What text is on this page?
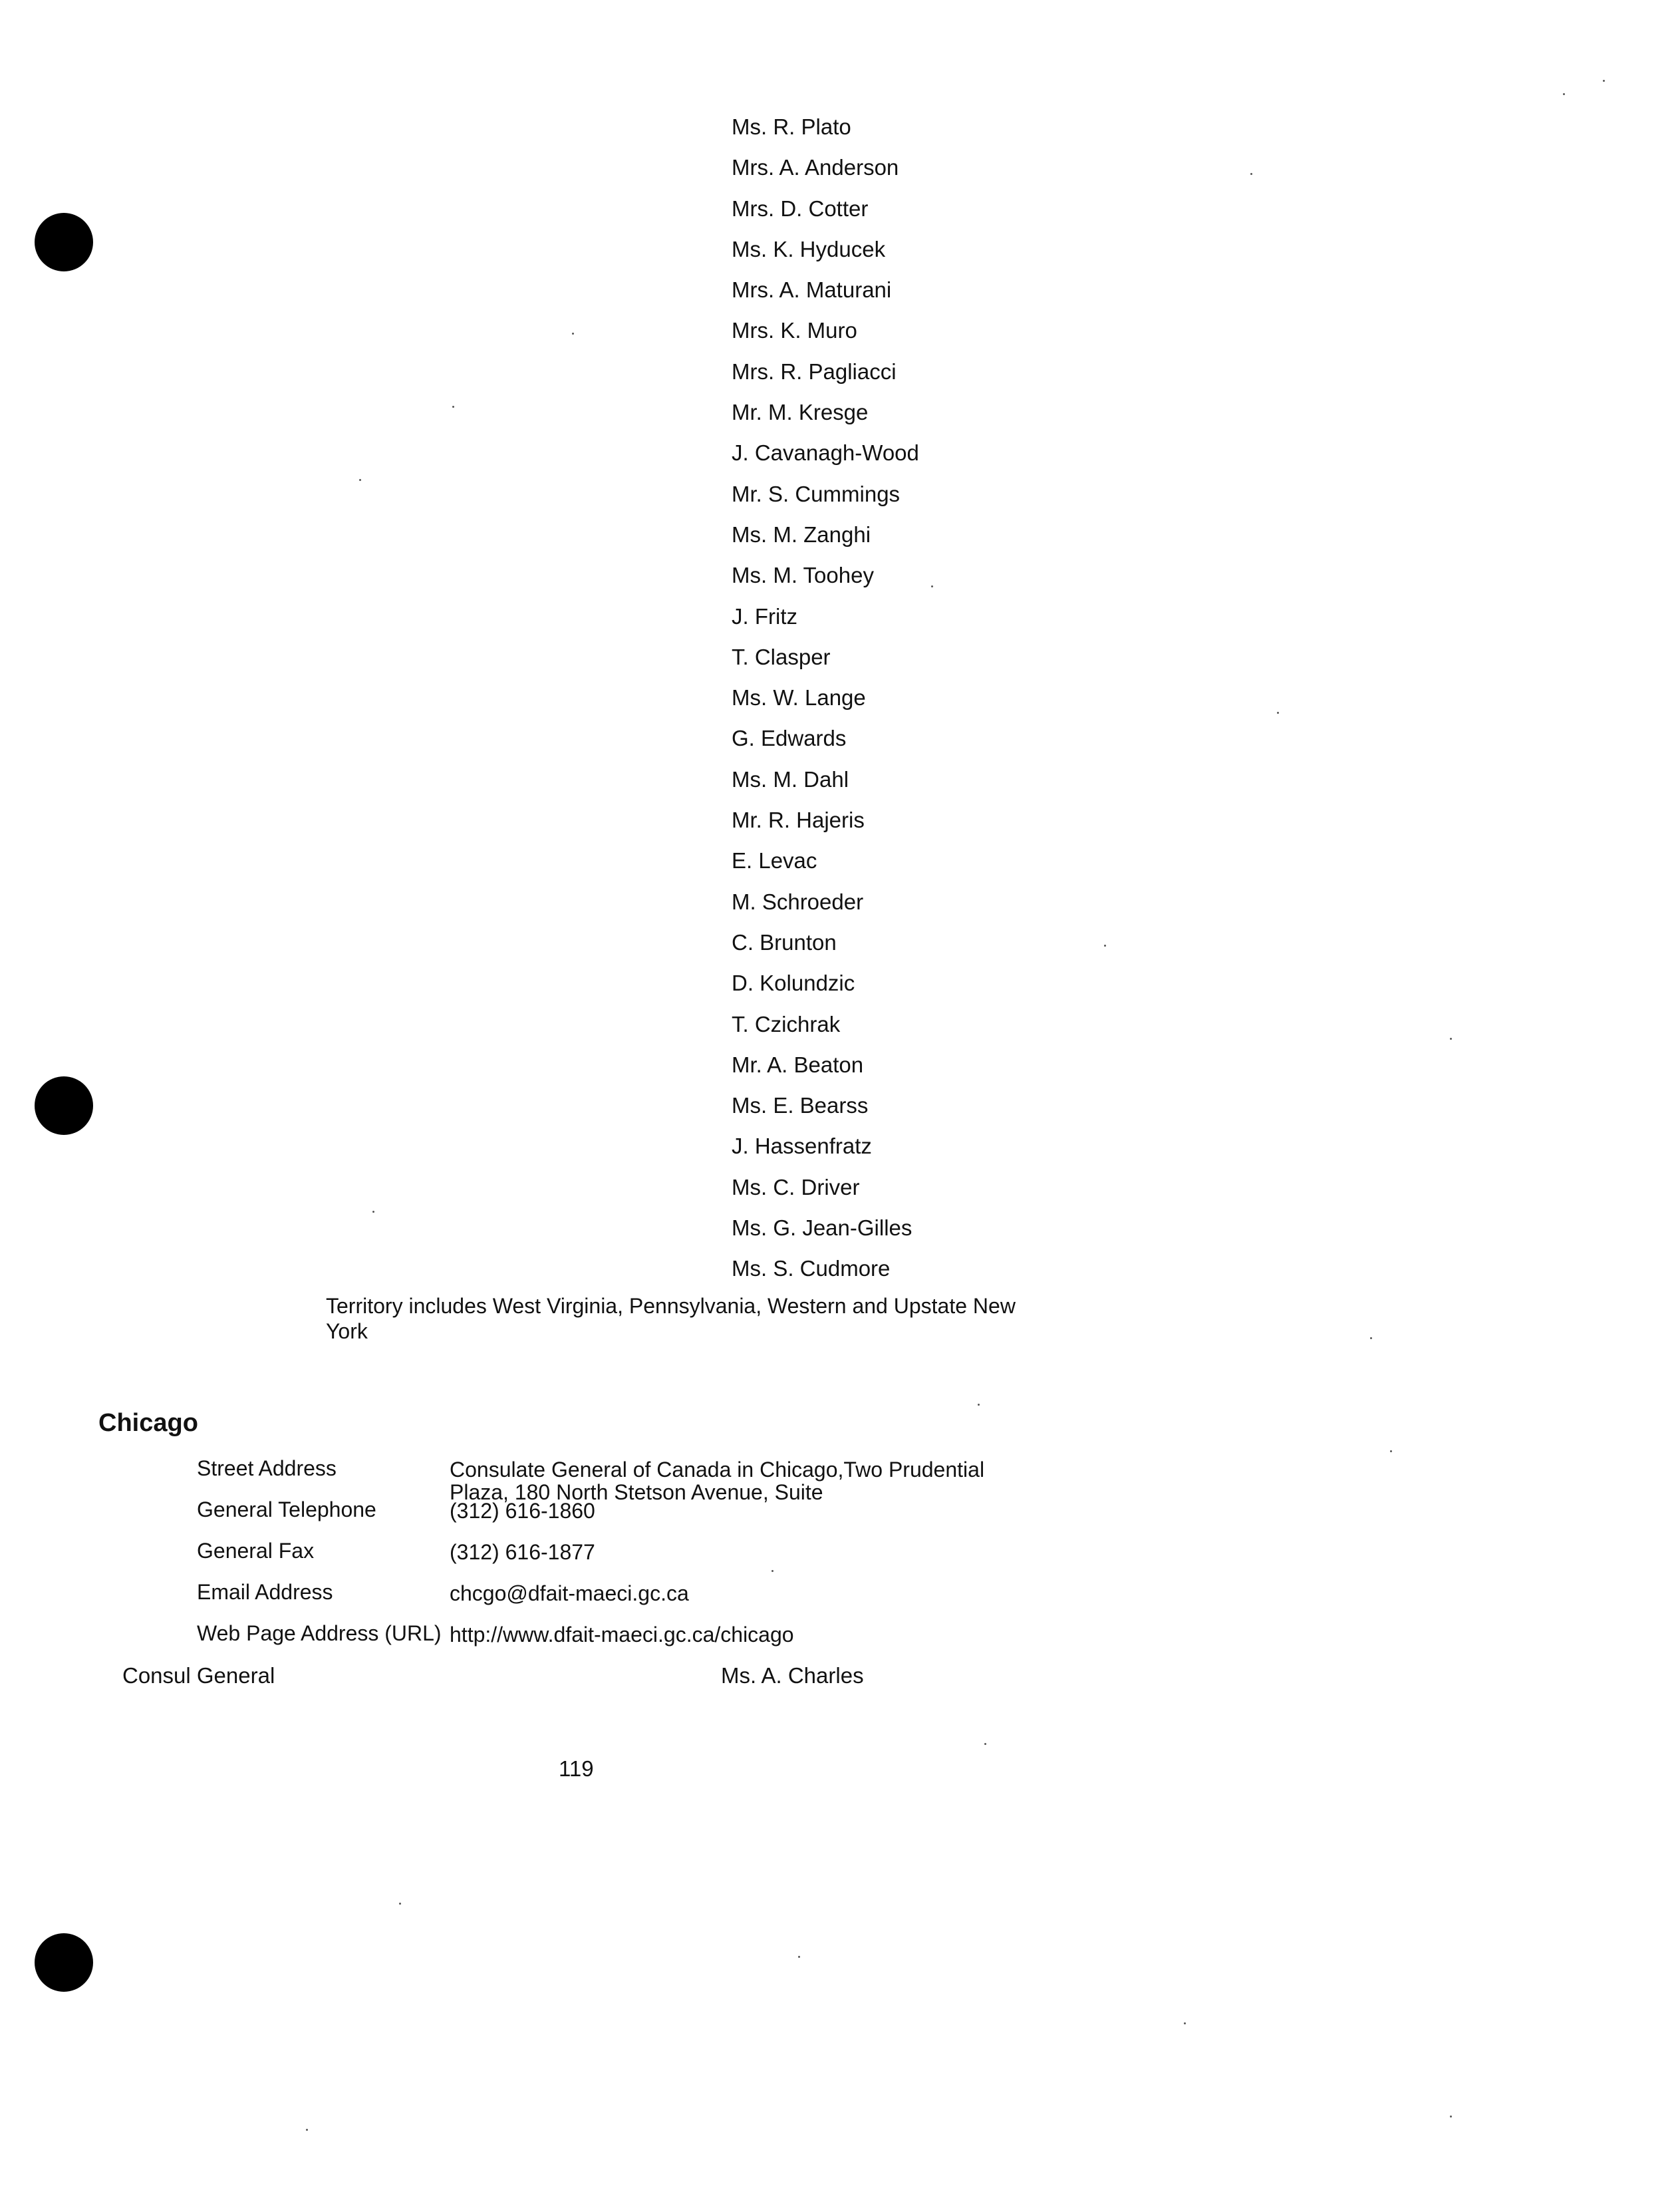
Ms. R. Plato
Mrs. A. Anderson
Mrs. D. Cotter
Ms. K. Hyducek
Mrs. A. Maturani
Mrs. K. Muro
Mrs. R. Pagliacci
Mr. M. Kresge
J. Cavanagh-Wood
Mr. S. Cummings
Ms. M. Zanghi
Ms. M. Toohey
J. Fritz
T. Clasper
Ms. W. Lange
G. Edwards
Ms. M. Dahl
Mr. R. Hajeris
E. Levac
M. Schroeder
C. Brunton
D. Kolundzic
T. Czichrak
Mr. A. Beaton
Ms. E. Bearss
J. Hassenfratz
Ms. C. Driver
Ms. G. Jean-Gilles
Ms. S. Cudmore
Territory includes West Virginia, Pennsylvania, Western and Upstate New York
Chicago
Street Address	Consulate General of Canada in Chicago,Two Prudential Plaza, 180 North Stetson Avenue, Suite
General Telephone	(312) 616-1860
General Fax	(312) 616-1877
Email Address	chcgo@dfait-maeci.gc.ca
Web Page Address (URL) http://www.dfait-maeci.gc.ca/chicago
Consul General	Ms. A. Charles
119
